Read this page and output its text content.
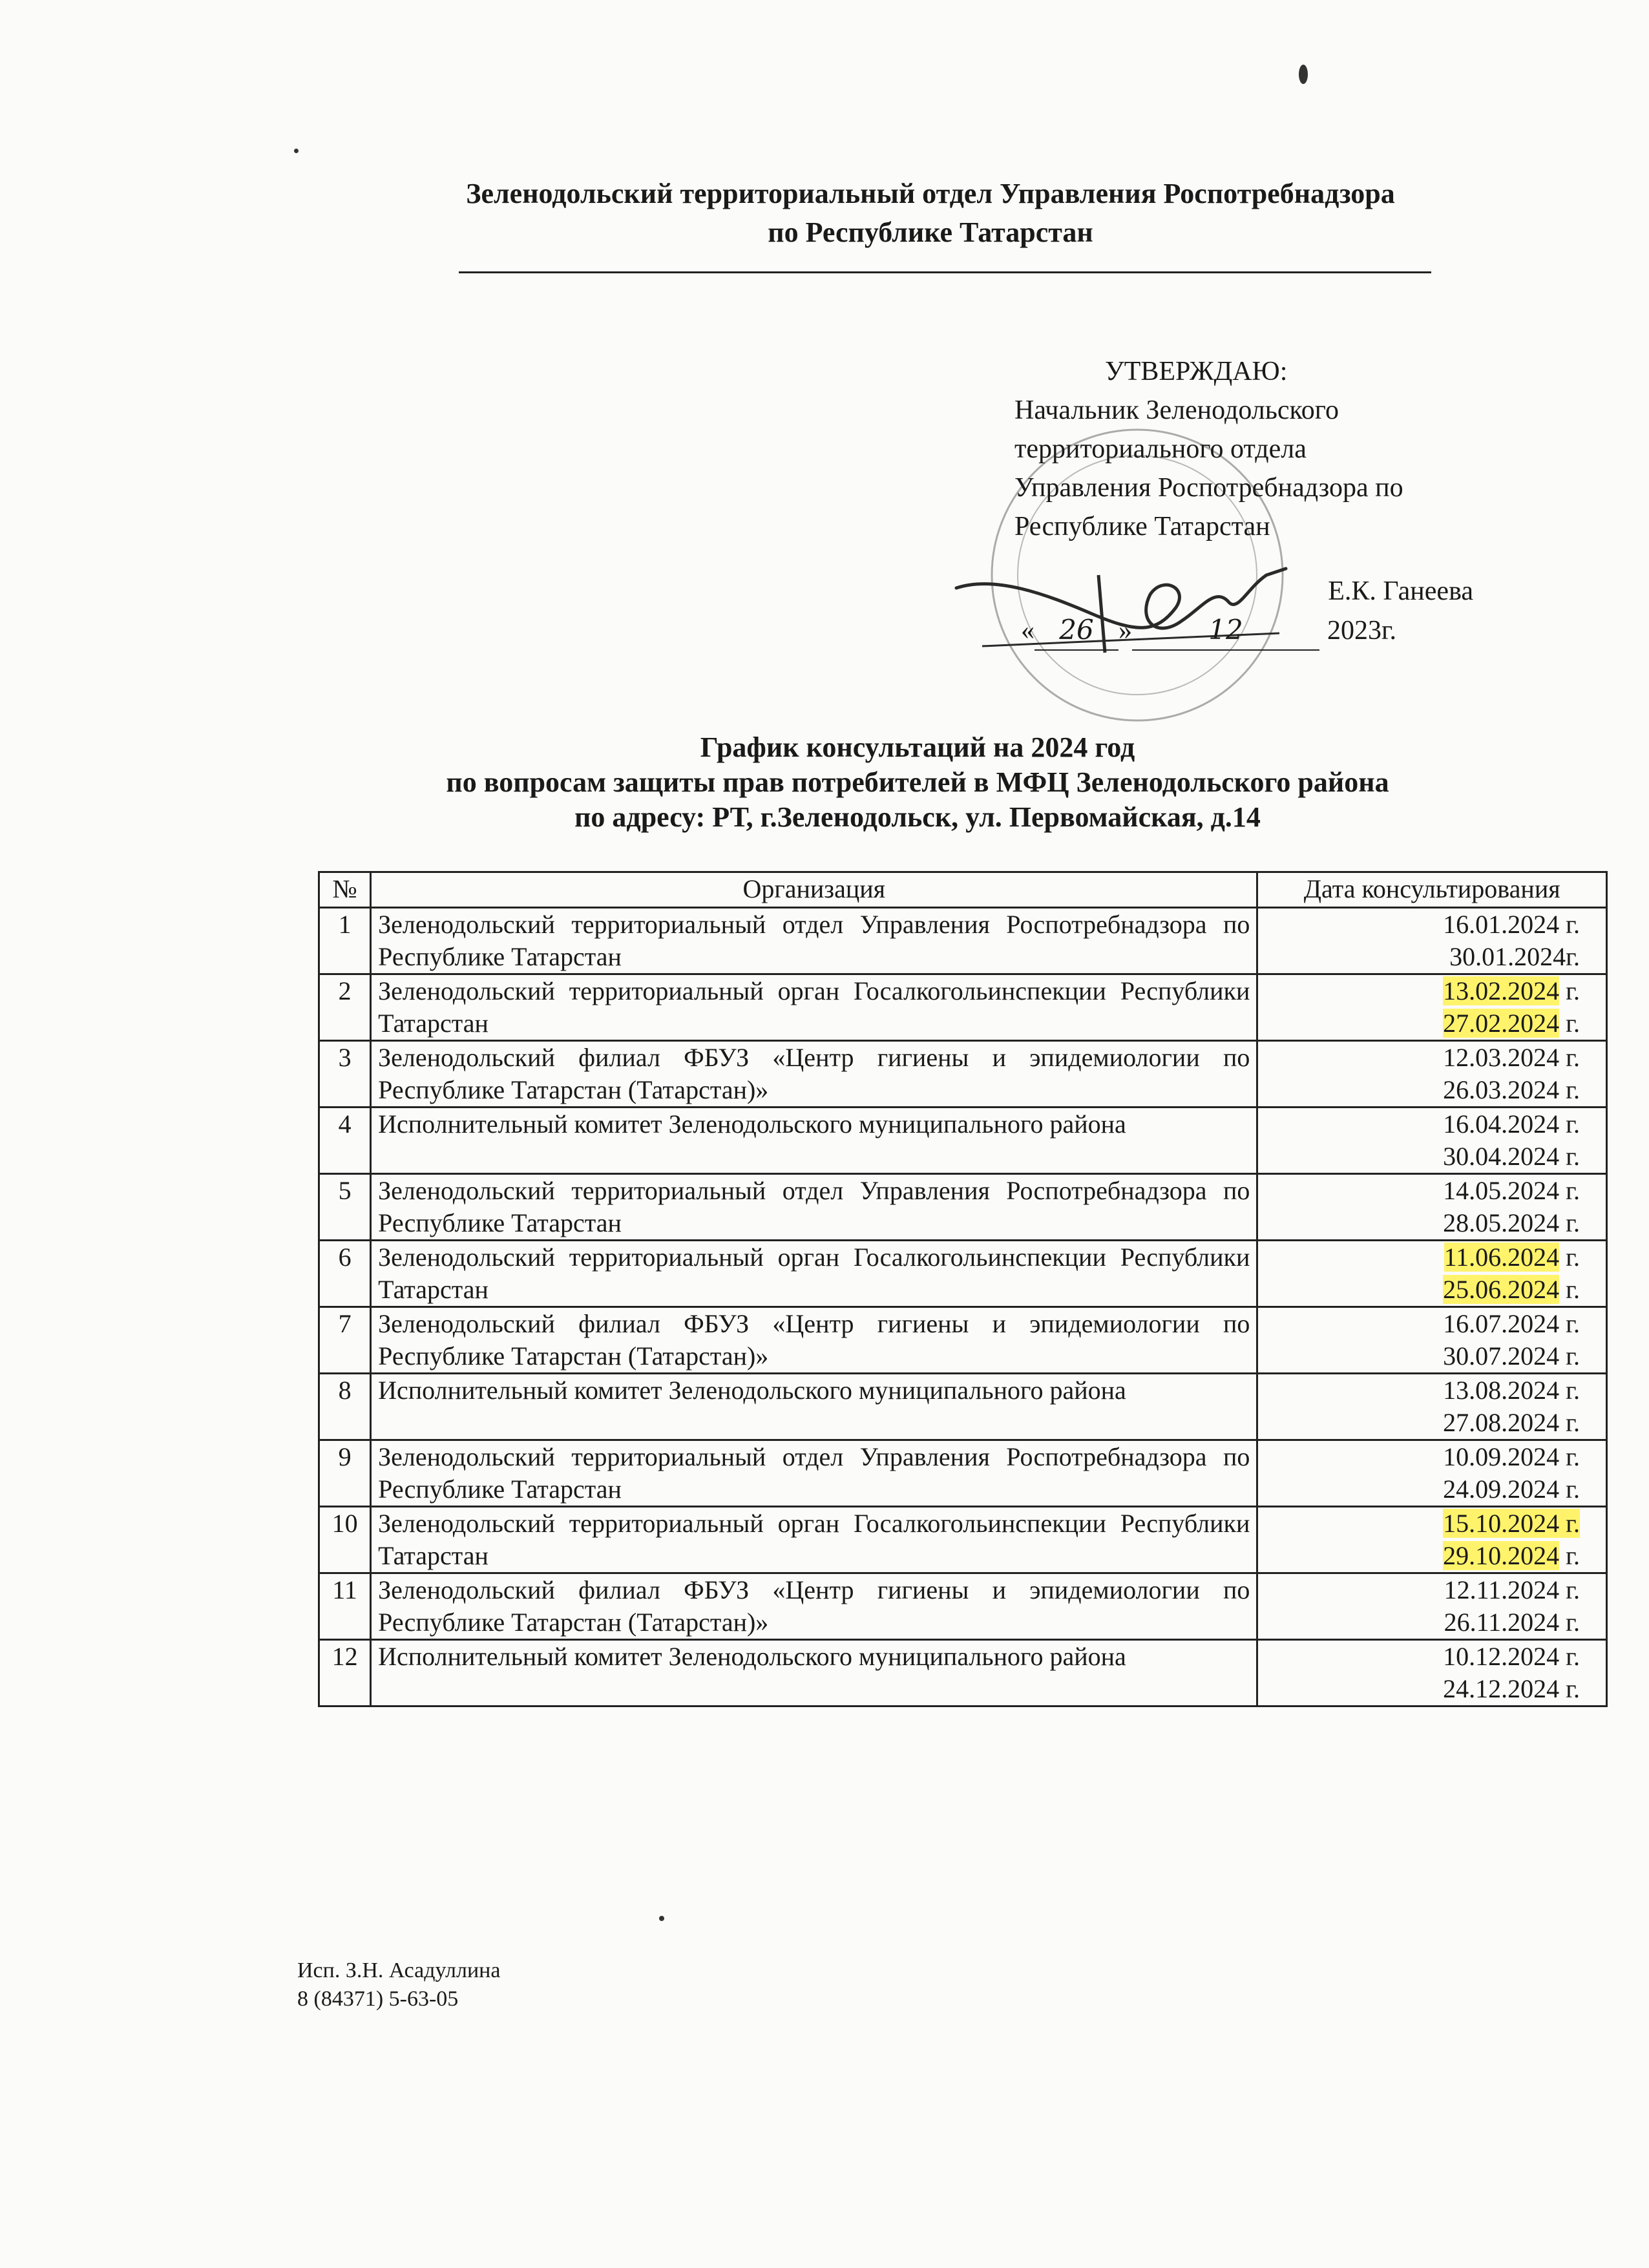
Зеленодольский территориальный отдел Управления Роспотребнадзора
по Республике Татарстан
УТВЕРЖДАЮ:
Начальник Зеленодольского
территориального отдела
Управления Роспотребнадзора по
Республике Татарстан
Е.К. Ганеева
« 26 »	12	2023г.
График консультаций на 2024 год
по вопросам защиты прав потребителей в МФЦ Зеленодольского района
по адресу: РТ, г.Зеленодольск, ул. Первомайская, д.14
№	Организация	Дата консультирования
1	Зеленодольский территориальный отдел Управления Роспотребнадзора по Республике Татарстан	16.01.2024 г.
30.01.2024г.

2	Зеленодольский территориальный орган Госалкогольинспекции Республики Татарстан	13.02.2024 г.
27.02.2024 г.

3	Зеленодольский филиал ФБУЗ «Центр гигиены и эпидемиологии по Республике Татарстан (Татарстан)»	12.03.2024 г.
26.03.2024 г.

4	Исполнительный комитет Зеленодольского муниципального района	16.04.2024 г.
30.04.2024 г.

5	Зеленодольский территориальный отдел Управления Роспотребнадзора по Республике Татарстан	14.05.2024 г.
28.05.2024 г.

6	Зеленодольский территориальный орган Госалкогольинспекции Республики Татарстан	11.06.2024 г.
25.06.2024 г.

7	Зеленодольский филиал ФБУЗ «Центр гигиены и эпидемиологии по Республике Татарстан (Татарстан)»	16.07.2024 г.
30.07.2024 г.

8	Исполнительный комитет Зеленодольского муниципального района	13.08.2024 г.
27.08.2024 г.

9	Зеленодольский территориальный отдел Управления Роспотребнадзора по Республике Татарстан	10.09.2024 г.
24.09.2024 г.

10	Зеленодольский территориальный орган Госалкогольинспекции Республики Татарстан	15.10.2024 г.
29.10.2024 г.

11	Зеленодольский филиал ФБУЗ «Центр гигиены и эпидемиологии по Республике Татарстан (Татарстан)»	12.11.2024 г.
26.11.2024 г.

12	Исполнительный комитет Зеленодольского муниципального района	10.12.2024 г.
24.12.2024 г.
Исп. З.Н. Асадуллина
8 (84371) 5-63-05
